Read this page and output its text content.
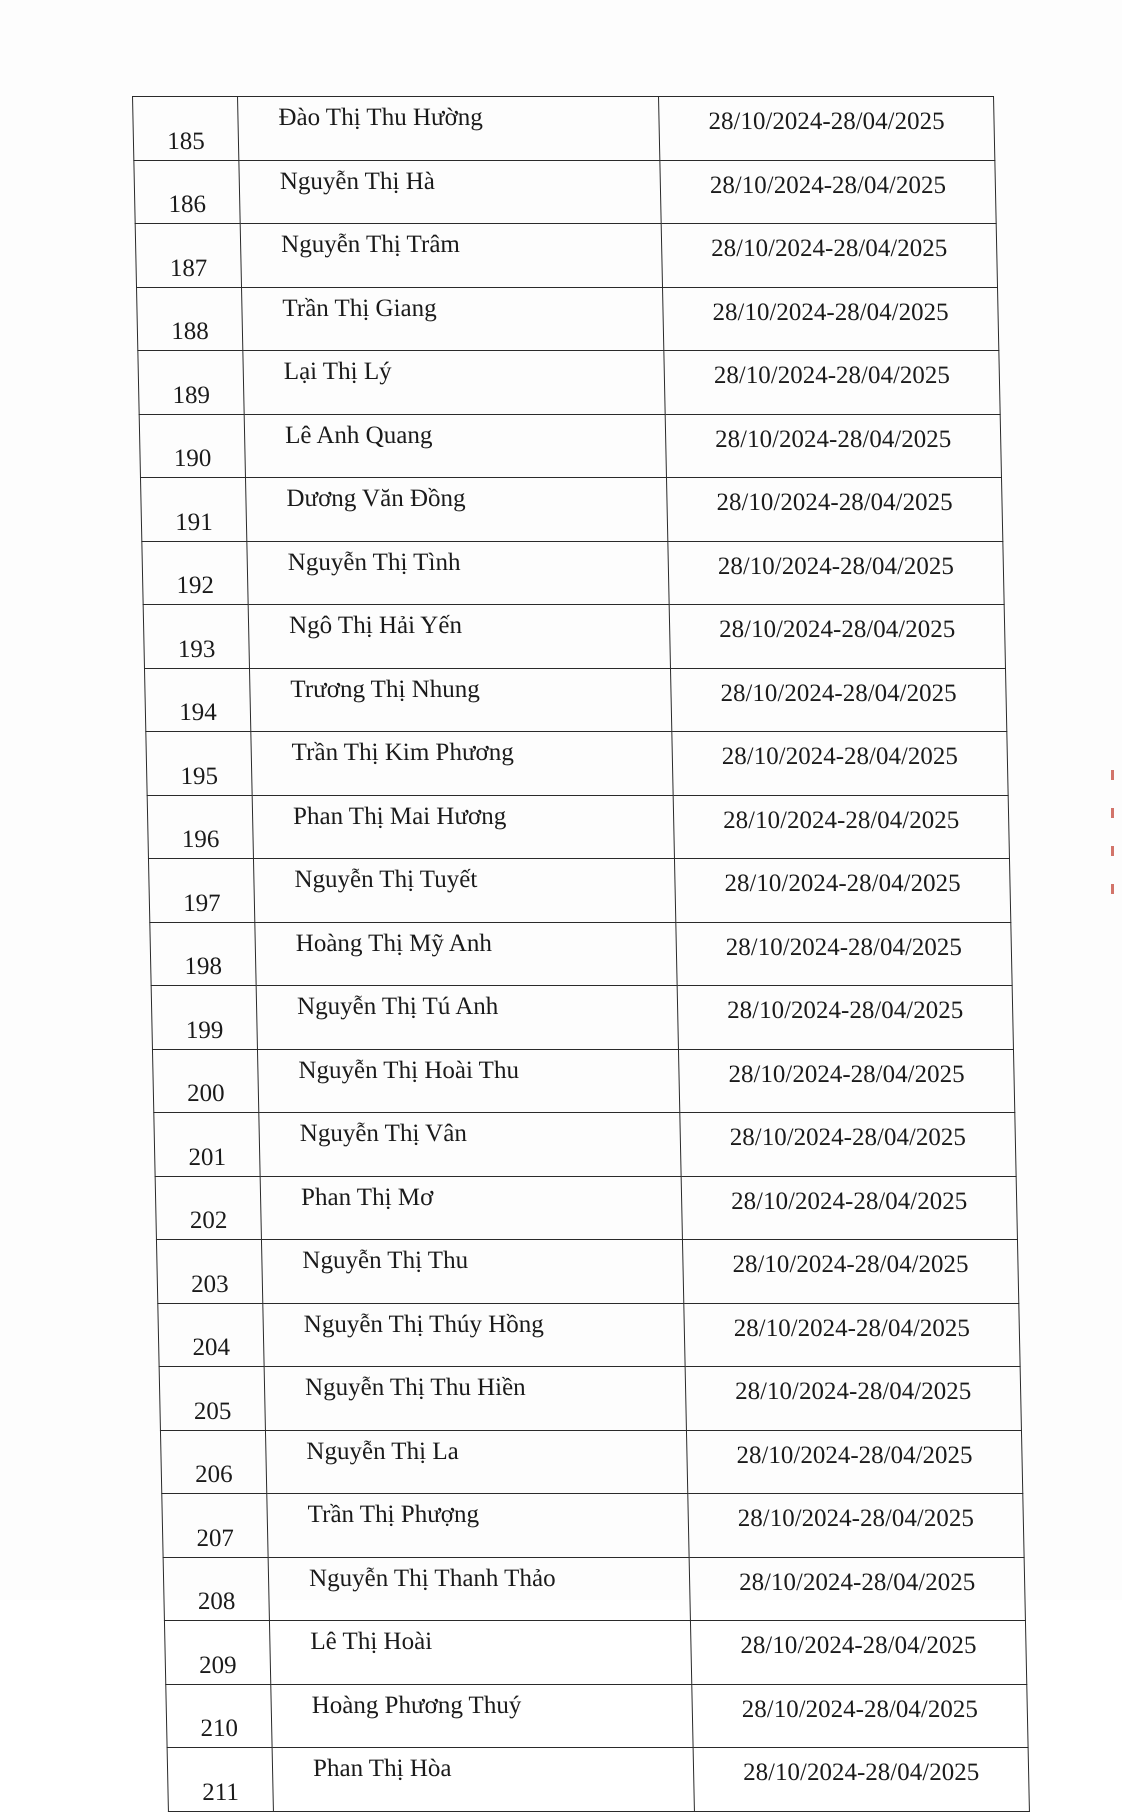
185	Đào Thị Thu Hường	28/10/2024-28/04/2025
186	Nguyễn Thị Hà	28/10/2024-28/04/2025
187	Nguyễn Thị Trâm	28/10/2024-28/04/2025
188	Trần Thị Giang	28/10/2024-28/04/2025
189	Lại Thị Lý	28/10/2024-28/04/2025
190	Lê Anh Quang	28/10/2024-28/04/2025
191	Dương Văn Đồng	28/10/2024-28/04/2025
192	Nguyễn Thị Tình	28/10/2024-28/04/2025
193	Ngô Thị Hải Yến	28/10/2024-28/04/2025
194	Trương Thị Nhung	28/10/2024-28/04/2025
195	Trần Thị Kim Phương	28/10/2024-28/04/2025
196	Phan Thị Mai Hương	28/10/2024-28/04/2025
197	Nguyễn Thị Tuyết	28/10/2024-28/04/2025
198	Hoàng Thị Mỹ Anh	28/10/2024-28/04/2025
199	Nguyễn Thị Tú Anh	28/10/2024-28/04/2025
200	Nguyễn Thị Hoài Thu	28/10/2024-28/04/2025
201	Nguyễn Thị Vân	28/10/2024-28/04/2025
202	Phan Thị Mơ	28/10/2024-28/04/2025
203	Nguyễn Thị Thu	28/10/2024-28/04/2025
204	Nguyễn Thị Thúy Hồng	28/10/2024-28/04/2025
205	Nguyễn Thị Thu Hiền	28/10/2024-28/04/2025
206	Nguyễn Thị La	28/10/2024-28/04/2025
207	Trần Thị Phượng	28/10/2024-28/04/2025
208	Nguyễn Thị Thanh Thảo	28/10/2024-28/04/2025
209	Lê Thị Hoài	28/10/2024-28/04/2025
210	Hoàng Phương Thuý	28/10/2024-28/04/2025
211	Phan Thị Hòa	28/10/2024-28/04/2025
